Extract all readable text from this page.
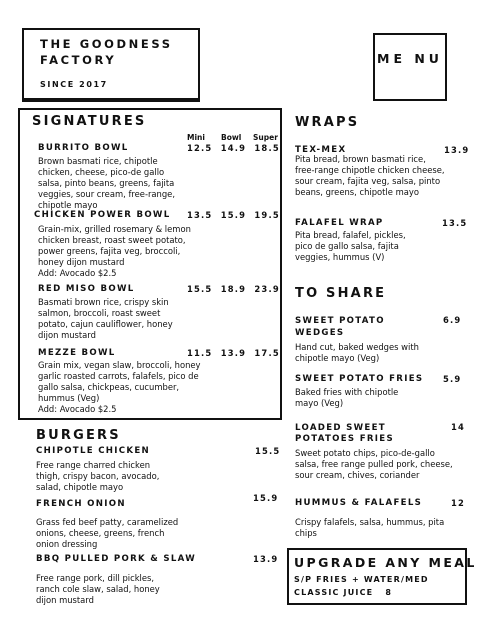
THE GOODNESS FACTORY
SINCE 2017
ME NU
SIGNATURES
Mini Bowl Super
BURRITO BOWL	12.5  14.9  18.5
Brown basmati rice, chipotle chicken, cheese, pico-de gallo salsa, pinto beans, greens, fajita veggies, sour cream, free-range, chipotle mayo
CHICKEN POWER BOWL 13.5  15.9  19.5
Grain-mix, grilled rosemary & lemon chicken breast, roast sweet potato, power greens, fajita veg, broccoli, honey dijon mustard
Add: Avocado $2.5
RED MISO BOWL	15.5  18.9  23.9
Basmati brown rice, crispy skin salmon, broccoli, roast sweet potato, cajun cauliflower, honey dijon mustard
MEZZE BOWL	11.5  13.9  17.5
Grain mix, vegan slaw, broccoli, honey garlic roasted carrots, falafels, pico de gallo salsa, chickpeas, cucumber, hummus (Veg)
Add: Avocado $2.5
BURGERS
CHIPOTLE CHICKEN	15.5
Free range charred chicken thigh, crispy bacon, avocado, salad, chipotle mayo
FRENCH ONION
15.9
Grass fed beef patty, caramelized onions, cheese, greens, french onion dressing
BBQ PULLED PORK & SLAW	13.9
Free range pork, dill pickles, ranch cole slaw, salad, honey dijon mustard
WRAPS
TEX-MEX	13.9
Pita bread, brown basmati rice, free-range chipotle chicken cheese, sour cream, fajita veg, salsa, pinto beans, greens, chipotle mayo
FALAFEL WRAP	13.5
Pita bread, falafel, pickles, pico de gallo salsa, fajita veggies, hummus (V)
TO SHARE
SWEET POTATO WEDGES
6.9
Hand cut, baked wedges with chipotle mayo (Veg)
SWEET POTATO FRIES 5.9
Baked fries with chipotle mayo (Veg)
LOADED SWEET POTATOES FRIES
14
Sweet potato chips, pico-de-gallo salsa, free range pulled pork, cheese, sour cream, chives, coriander
HUMMUS & FALAFELS	12
Crispy falafels, salsa, hummus, pita chips
UPGRADE ANY MEAL
S/P FRIES + WATER/MED CLASSIC JUICE 8
